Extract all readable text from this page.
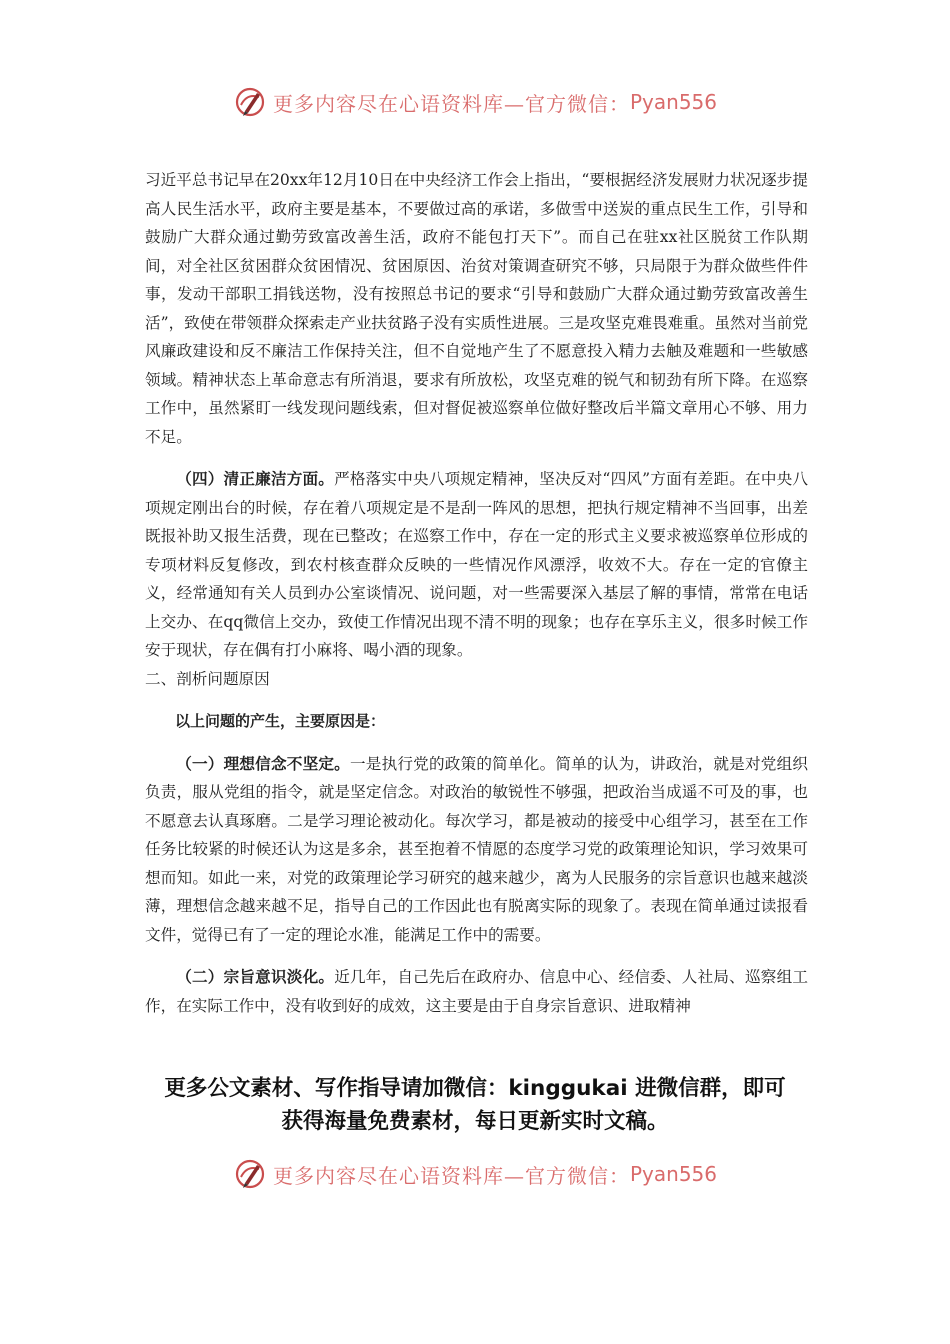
更多内容尽在心语资料库—官方微信： Pyan556

习近平总书记早在20xx年12月10日在中央经济工作会上指出，“要根据经济发展财力状况逐步提高人民生活水平，政府主要是基本，不要做过高的承诺，多做雪中送炭的重点民生工作，引导和鼓励广大群众通过勤劳致富改善生活，政府不能包打天下”。而自己在驻xx社区脱贫工作队期间，对全社区贫困群众贫困情况、贫困原因、治贫对策调查研究不够，只局限于为群众做些件件事，发动干部职工捐钱送物，没有按照总书记的要求“引导和鼓励广大群众通过勤劳致富改善生活”，致使在带领群众探索走产业扶贫路子没有实质性进展。三是攻坚克难畏难重。虽然对当前党风廉政建设和反不廉洁工作保持关注，但不自觉地产生了不愿意投入精力去触及难题和一些敏感领域。精神状态上革命意志有所消退，要求有所放松，攻坚克难的锐气和韧劲有所下降。在巡察工作中，虽然紧盯一线发现问题线索，但对督促被巡察单位做好整改后半篇文章用心不够、用力不足。

（四）清正廉洁方面。严格落实中央八项规定精神，坚决反对“四风”方面有差距。在中央八项规定刚出台的时候，存在着八项规定是不是刮一阵风的思想，把执行规定精神不当回事，出差既报补助又报生活费，现在已整改；在巡察工作中，存在一定的形式主义要求被巡察单位形成的专项材料反复修改，到农村核查群众反映的一些情况作风漂浮，收效不大。存在一定的官僚主义，经常通知有关人员到办公室谈情况、说问题，对一些需要深入基层了解的事情，常常在电话上交办、在qq微信上交办，致使工作情况出现不清不明的现象；也存在享乐主义，很多时候工作安于现状，存在偶有打小麻将、喝小酒的现象。

二、剖析问题原因

以上问题的产生，主要原因是：

（一）理想信念不坚定。一是执行党的政策的简单化。简单的认为，讲政治，就是对党组织负责，服从党组的指令，就是坚定信念。对政治的敏锐性不够强，把政治当成遥不可及的事，也不愿意去认真琢磨。二是学习理论被动化。每次学习，都是被动的接受中心组学习，甚至在工作任务比较紧的时候还认为这是多余，甚至抱着不情愿的态度学习党的政策理论知识，学习效果可想而知。如此一来，对党的政策理论学习研究的越来越少，离为人民服务的宗旨意识也越来越淡薄，理想信念越来越不足，指导自己的工作因此也有脱离实际的现象了。表现在简单通过读报看文件，觉得已有了一定的理论水准，能满足工作中的需要。

（二）宗旨意识淡化。近几年，自己先后在政府办、信息中心、经信委、人社局、巡察组工作，在实际工作中，没有收到好的成效，这主要是由于自身宗旨意识、进取精神

更多公文素材、写作指导请加微信：kinggukai 进微信群，即可
获得海量免费素材，每日更新实时文稿。
更多内容尽在心语资料库—官方微信： Pyan556
